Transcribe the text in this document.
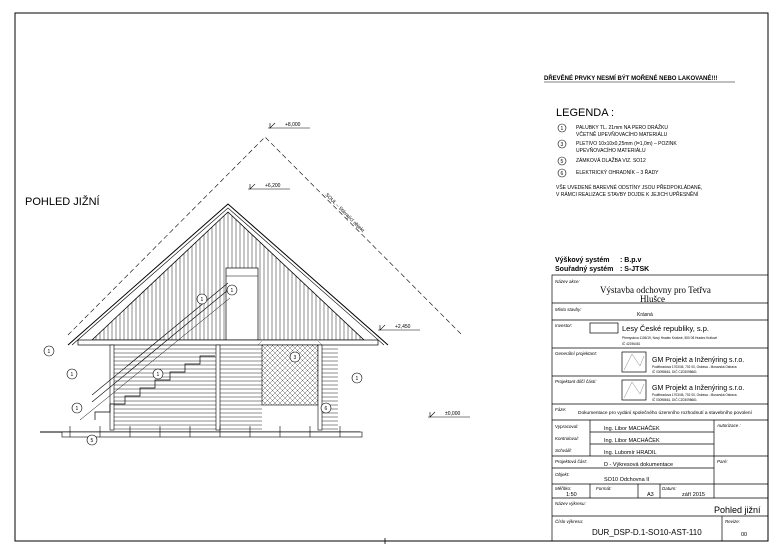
DŘEVĚNÉ PRVKY NESMÍ BÝT MOŘENÉ NEBO LAKOVANÉ!!!
LEGENDA :
1	PALUBKY TL. 21mm NA PERO DRÁŽKU
VČETNĚ UPEVŇOVACÍHO MATERIÁLU
3	PLETIVO 10x10x0,25mm (l=1,0m) – POZINK
UPEVŇOVACÍHO MATERIÁLU
5	ZÁMKOVÁ DLAŽBA VIZ. SO12
6	ELEKTRICKÝ OHRADNÍK – 3 ŘADY
VŠE UVEDENÉ BAREVNÉ ODSTÍNY JSOU PŘEDPOKLÁDANÉ,
V RÁMCI REALIZACE STAVBY DOJDE K JEJICH UPŘESNĚNÍ
POHLED JIŽNÍ	SOUL – Stávající objekt
+8,000
+6,200
+2,450
±0,000
1
1
3
1
1
1
1
6
5
1
Výškový systém : B.p.v
Souřadný systém : S-JTSK
Název akce:
Výstavba odchovny pro Tetřva
Hlušce
Místo stavby:
Krásná
Investor:	Lesy České republiky, s.p.
Přemyslova 1106/19, Nový Hradec Králové, 500 08 Hradec Králové
IČ 42196451
Generální projektant:
GM Projekt a Inženýring s.r.o.
Poděbradova 1703/45, 702 00, Ostrava - Moravská Ostrava
IČ 03098661, DIČ CZ03098661
Projektant dílčí části:
GM Projekt a Inženýring s.r.o.
Poděbradova 1703/45, 702 00, Ostrava - Moravská Ostrava
IČ 03098661, DIČ CZ03098661
Fáze:
Dokumentace pro vydání společného územního rozhodnutí a stavebního povolení
Vypracoval:	Ing. Libor MACHÁČEK
Kontroloval:	Ing. Libor MACHÁČEK
Schválil:	Ing. Lubomír HRADIL
Autorizace :
Projektová část:
D - Výkresová dokumentace
Objekt:
SO10 Odchovna II
Paré:
Měřítko:
1:50
Formát:
A3
Datum:
září 2015
Název výkresu:
Pohled jižní
Číslo výkresu:
DUR_DSP-D.1-SO10-AST-110
Revize:
00
